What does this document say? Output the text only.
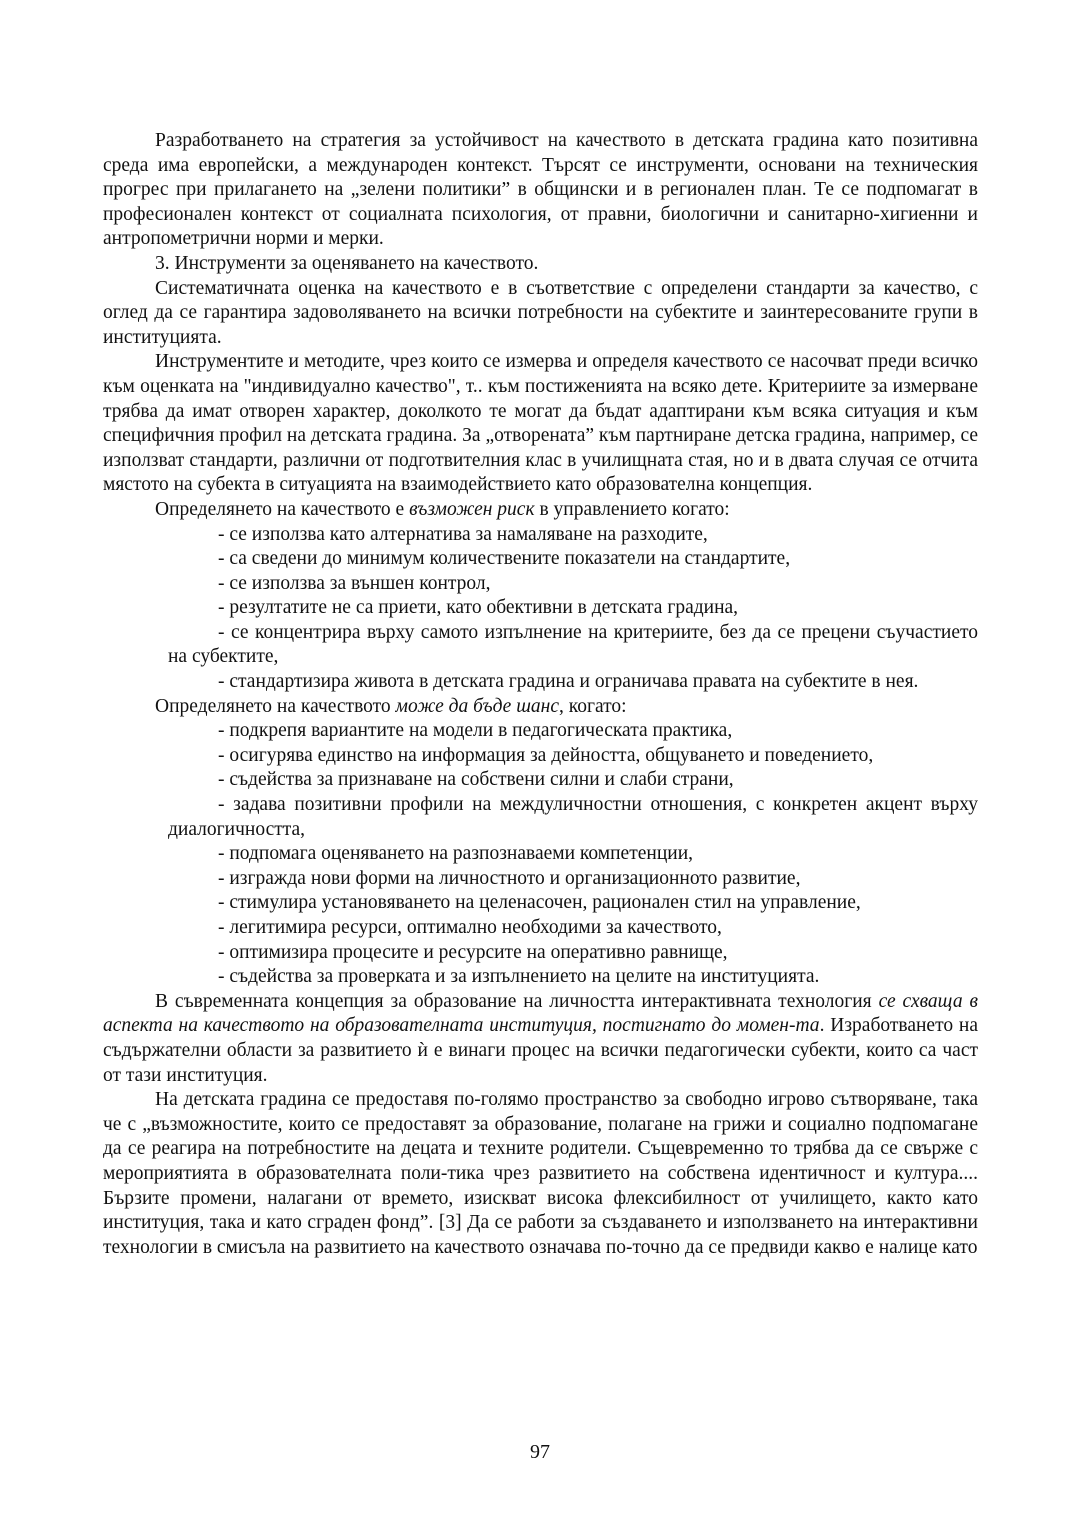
Разработването на стратегия за устойчивост на качеството в детската градина като позитивна среда има европейски, а международен контекст. Търсят се инструменти, основани на техническия прогрес при прилагането на „зелени политики” в общински и в регионален план. Те се подпомагат в професионален контекст от социалната психология, от правни, биологични и санитарно-хигиенни и антропометрични норми и мерки.

3. Инструменти за оценяването на качеството.

Систематичната оценка на качеството е в съответствие с определени стандарти за качество, с оглед да се гарантира задоволяването на всички потребности на субектите и заинтересованите групи в институцията.

Инструментите и методите, чрез които се измерва и определя качеството се насочват преди всичко към оценката на "индивидуално качество", т.. към постиженията на всяко дете. Критериите за измерване трябва да имат отворен характер, доколкото те могат да бъдат адаптирани към всяка ситуация и към специфичния профил на детската градина. За „отворената” към партниране детска градина, например, се използват стандарти, различни от подготвителния клас в училищната стая, но и в двата случая се отчита мястото на субекта в ситуацията на взаимодействието като образователна концепция.

Определянето на качеството е възможен риск в управлениeто когато:

- се използва като алтернатива за намаляване на разходите,

- са сведени до минимум количествените показатели на стандартите,

- се използва за външен контрол,

- резултатите не са приети, като обективни в детската градина,

- се концентрира върху самото изпълнение на критериите, без да се прецени съучастието на субектите,

- стандартизира живота в детската градина и ограничава правата на субектите в нея.

Определянето на качеството може да бъде шанс, когато:

- подкрепя вариантите на модели в педагогическата практика,

- осигурява единство на информация за дейността, общуването и поведението,

- съдейства за признаване на собствени силни и слаби страни,

- задава позитивни профили на междуличностни отношения, с конкретен акцент върху диалогичността,

- подпомага оценяването на разпознаваеми компетенции,

- изгражда нови форми на личностното и организационното развитие,

- стимулира установяването на целенасочен, рационален стил на управление,

- легитимира ресурси, оптимално необходими за качеството,

- оптимизира процесите и ресурсите на оперативно равнище,

- съдейства за проверката и за изпълнението на целите на институцията.

В съвременната концепция за образование на личността интерактивната технология се схваща в аспекта на качеството на образователната институция, постигнато до момен-та. Изработването на съдържателни области за развитието ѝ е винаги процес на всички педагогически субекти, които са част от тази институция.

На детската градина се предоставя по-голямо пространство за свободно игрово сътворяване, така че с „възможностите, които се предоставят за образование, полагане на грижи и социално подпомагане да се реагира на потребностите на децата и техните родители. Същевременно то трябва да се свърже с мероприятията в образователната поли-тика чрез развитието на собствена идентичност и култура.... Бързите промени, налагани от времето, изискват висока флексибилност от училището, както като институция, така и като сграден фонд”. [3] Да се работи за създаването и използването на интерактивни технологии в смисъла на развитието на качеството означава по-точно да се предвиди какво е налице като

97
